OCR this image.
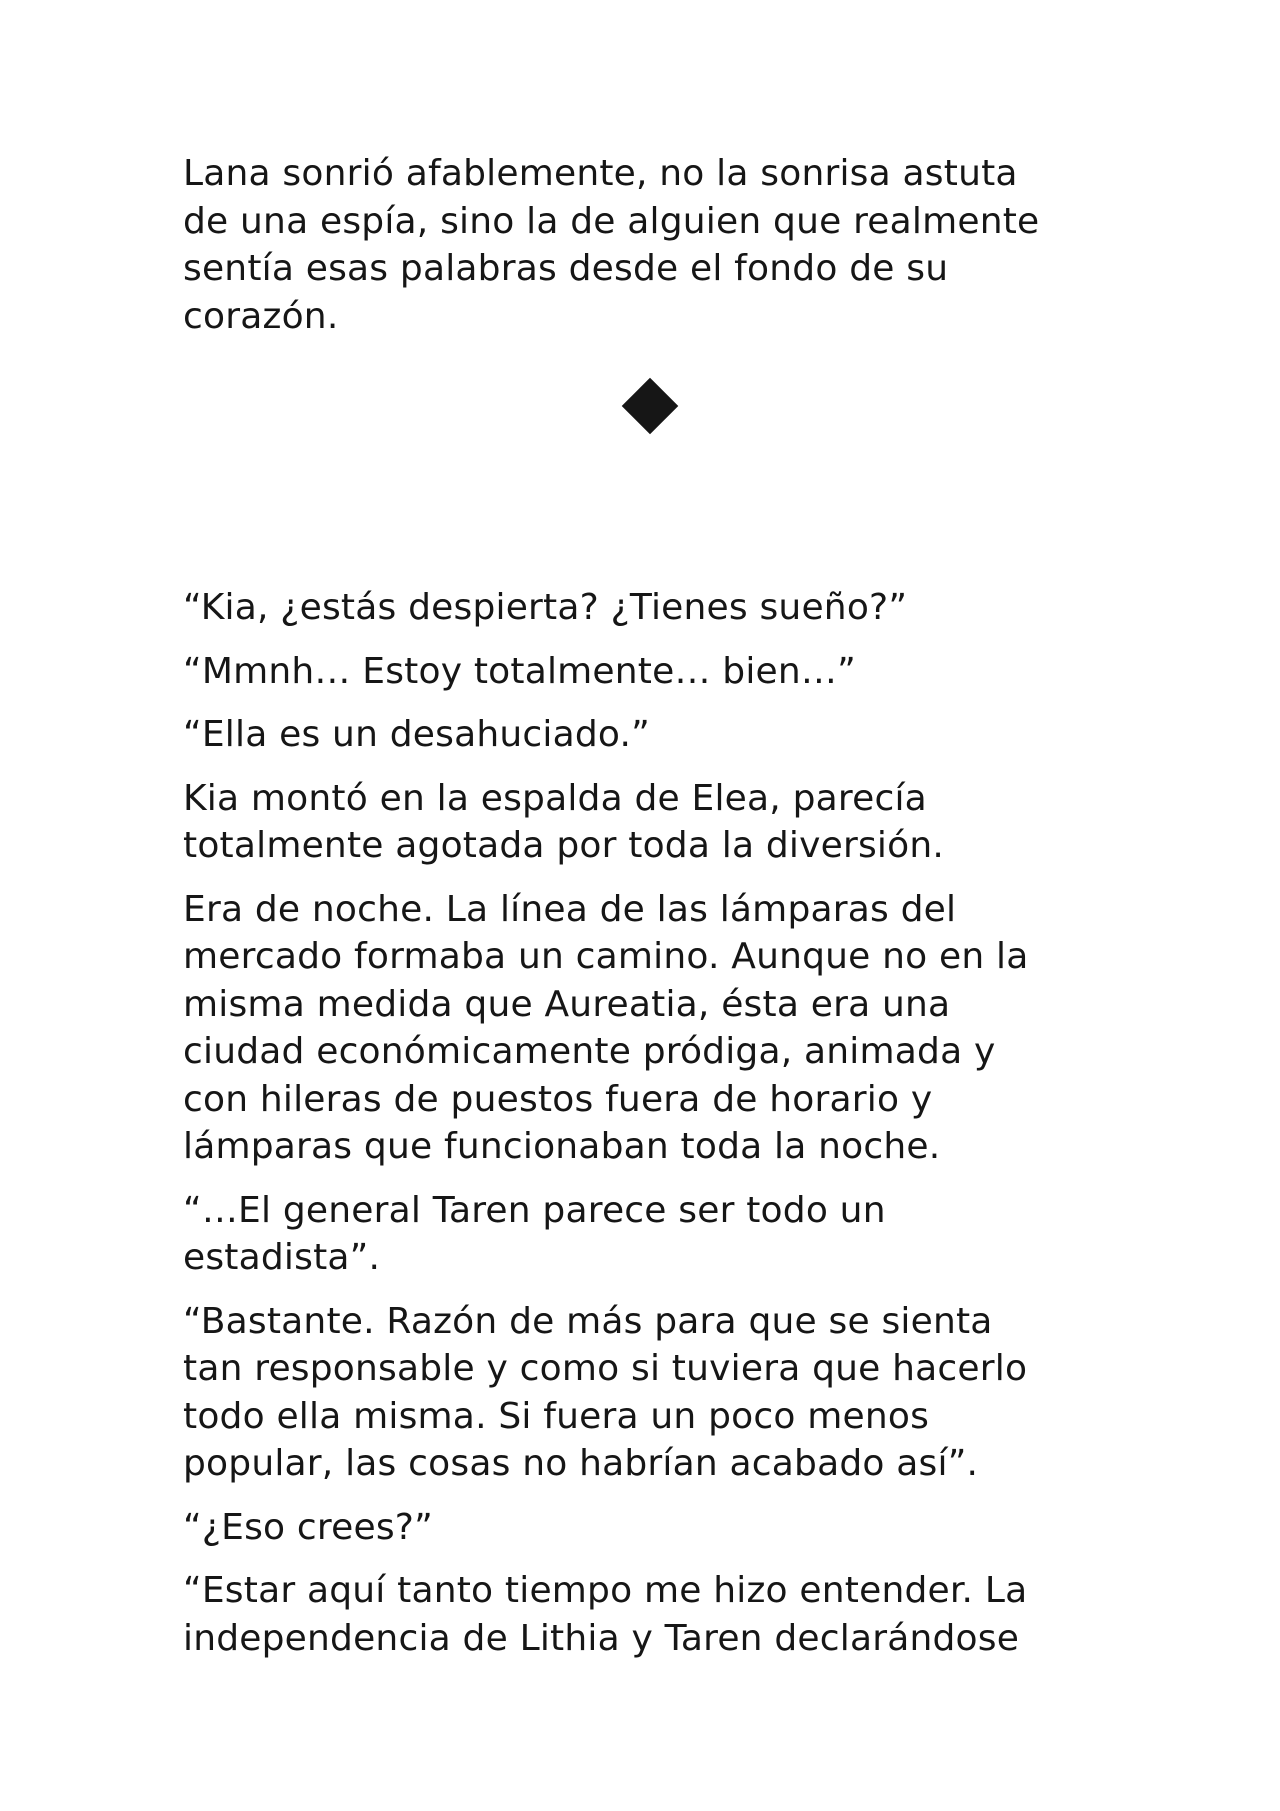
Lana sonrió afablemente, no la sonrisa astuta
de una espía, sino la de alguien que realmente
sentía esas palabras desde el fondo de su
corazón.

“Kia, ¿estás despierta? ¿Tienes sueño?”

“Mmnh… Estoy totalmente… bien…”

“Ella es un desahuciado.”

Kia montó en la espalda de Elea, parecía
totalmente agotada por toda la diversión.

Era de noche. La línea de las lámparas del
mercado formaba un camino. Aunque no en la
misma medida que Aureatia, ésta era una
ciudad económicamente pródiga, animada y
con hileras de puestos fuera de horario y
lámparas que funcionaban toda la noche.

“…El general Taren parece ser todo un
estadista”.

“Bastante. Razón de más para que se sienta
tan responsable y como si tuviera que hacerlo
todo ella misma. Si fuera un poco menos
popular, las cosas no habrían acabado así”.

“¿Eso crees?”

“Estar aquí tanto tiempo me hizo entender. La
independencia de Lithia y Taren declarándose
